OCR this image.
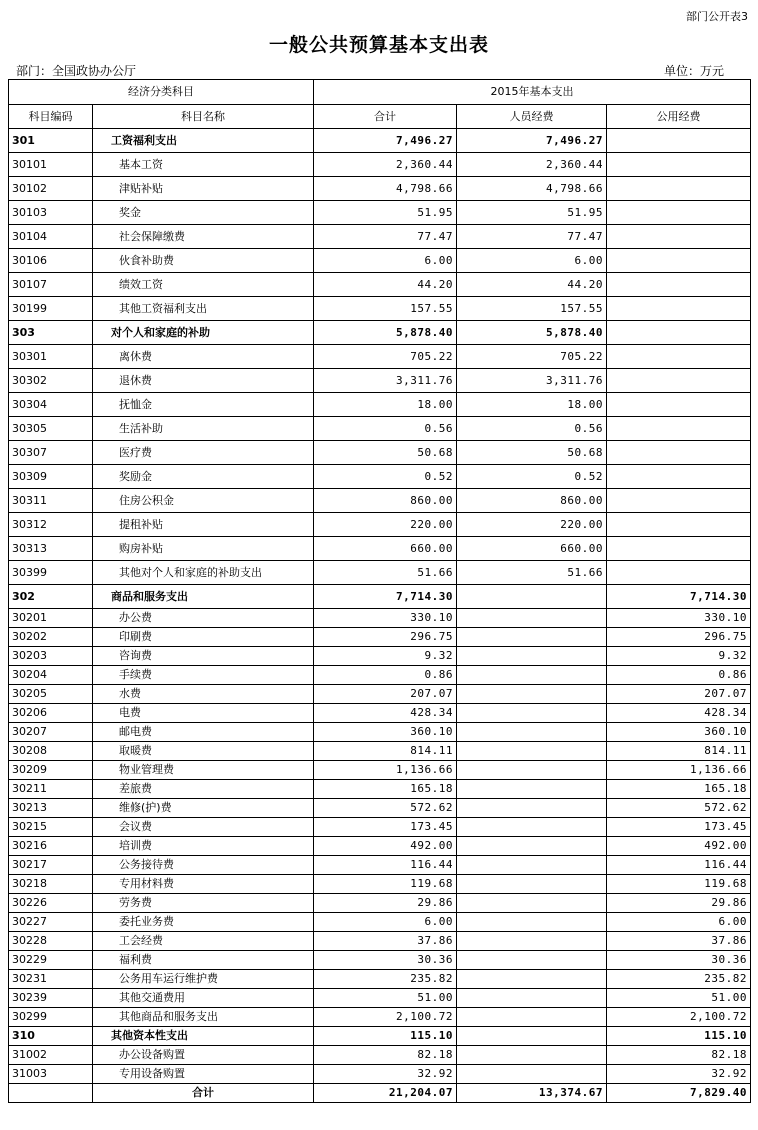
部门公开表3
一般公共预算基本支出表
部门：全国政协办公厅	单位：万元
经济分类科目		2015年基本支出		
科目编码	科目名称	合计	人员经费	公用经费
301	工资福利支出	7,496.27	7,496.27	
30101	基本工资	2,360.44	2,360.44	
30102	津贴补贴	4,798.66	4,798.66	
30103	奖金	51.95	51.95	
30104	社会保障缴费	77.47	77.47	
30106	伙食补助费	6.00	6.00	
30107	绩效工资	44.20	44.20	
30199	其他工资福利支出	157.55	157.55	
303	对个人和家庭的补助	5,878.40	5,878.40	
30301	离休费	705.22	705.22	
30302	退休费	3,311.76	3,311.76	
30304	抚恤金	18.00	18.00	
30305	生活补助	0.56	0.56	
30307	医疗费	50.68	50.68	
30309	奖励金	0.52	0.52	
30311	住房公积金	860.00	860.00	
30312	提租补贴	220.00	220.00	
30313	购房补贴	660.00	660.00	
30399	其他对个人和家庭的补助支出	51.66	51.66	
302	商品和服务支出	7,714.30		7,714.30
30201	办公费	330.10		330.10
30202	印刷费	296.75		296.75
30203	咨询费	9.32		9.32
30204	手续费	0.86		0.86
30205	水费	207.07		207.07
30206	电费	428.34		428.34
30207	邮电费	360.10		360.10
30208	取暖费	814.11		814.11
30209	物业管理费	1,136.66		1,136.66
30211	差旅费	165.18		165.18
30213	维修(护)费	572.62		572.62
30215	会议费	173.45		173.45
30216	培训费	492.00		492.00
30217	公务接待费	116.44		116.44
30218	专用材料费	119.68		119.68
30226	劳务费	29.86		29.86
30227	委托业务费	6.00		6.00
30228	工会经费	37.86		37.86
30229	福利费	30.36		30.36
30231	公务用车运行维护费	235.82		235.82
30239	其他交通费用	51.00		51.00
30299	其他商品和服务支出	2,100.72		2,100.72
310	其他资本性支出	115.10		115.10
31002	办公设备购置	82.18		82.18
31003	专用设备购置	32.92		32.92
	合计	21,204.07	13,374.67	7,829.40
